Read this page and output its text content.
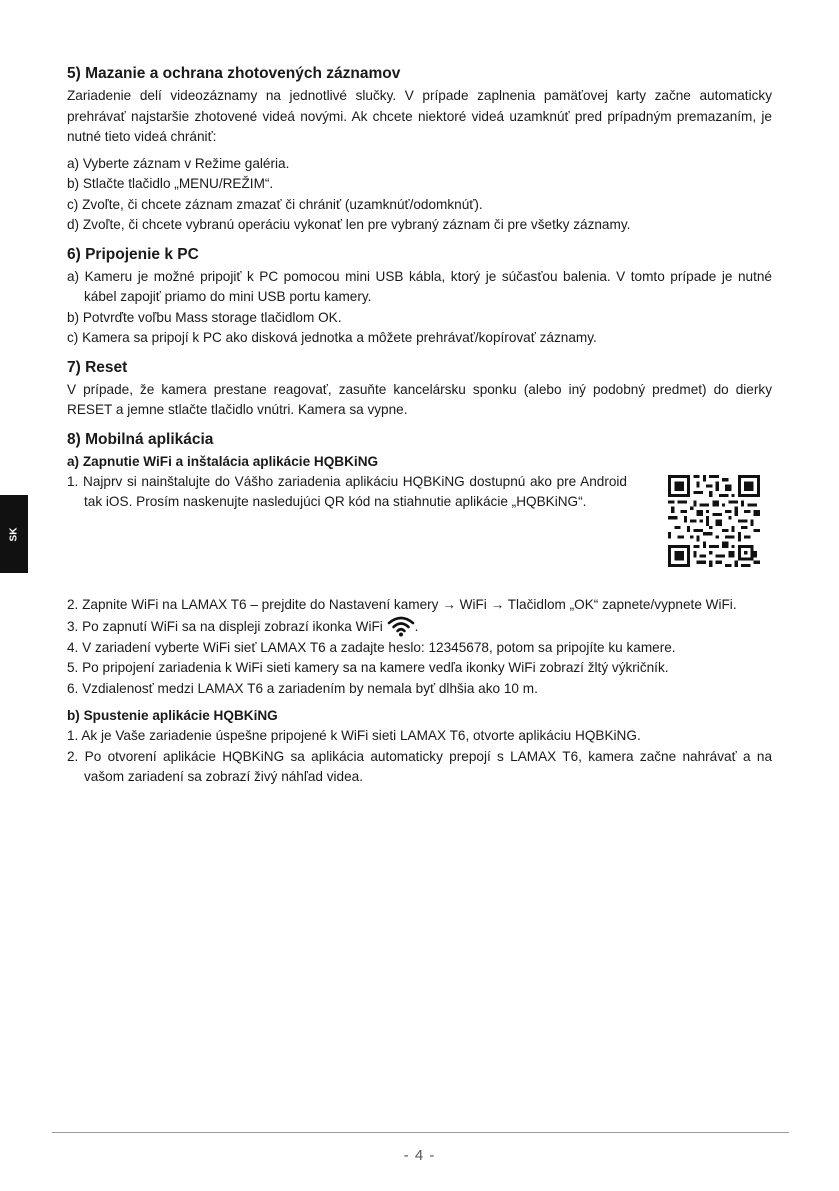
SK
5) Mazanie a ochrana zhotovených záznamov

Zariadenie delí videozáznamy na jednotlivé slučky. V prípade zaplnenia pamäťovej karty začne automaticky prehrávať najstaršie zhotovené videá novými. Ak chcete niektoré videá uzamknúť pred prípadným premazaním, je nutné tieto videá chrániť:

a) Vyberte záznam v Režime galéria.
b) Stlačte tlačidlo „MENU/REŽIM“.
c) Zvoľte, či chcete záznam zmazať či chrániť (uzamknúť/odomknúť).
d) Zvoľte, či chcete vybranú operáciu vykonať len pre vybraný záznam či pre všetky záznamy.
6) Pripojenie k PC
a) Kameru je možné pripojiť k PC pomocou mini USB kábla, ktorý je súčasťou balenia. V tomto prípade je nutné kábel zapojiť priamo do mini USB portu kamery.
b) Potvrďte voľbu Mass storage tlačidlom OK.
c) Kamera sa pripojí k PC ako disková jednotka a môžete prehrávať/kopírovať záznamy.
7) Reset

V prípade, že kamera prestane reagovať, zasuňte kancelársku sponku (alebo iný podobný predmet) do dierky RESET a jemne stlačte tlačidlo vnútri. Kamera sa vypne.

8) Mobilná aplikácia
a) Zapnutie WiFi a inštalácia aplikácie HQBKiNG
1. Najprv si nainštalujte do Vášho zariadenia aplikáciu HQBKiNG dostupnú ako pre Android tak iOS. Prosím naskenujte nasledujúci QR kód na stiahnutie aplikácie „HQBKiNG“.
2. Zapnite WiFi na LAMAX T6 – prejdite do Nastavení kamery → WiFi → Tlačidlom „OK“ zapnete/vypnete WiFi.
3. Po zapnutí WiFi sa na displeji zobrazí ikonka WiFi .
4. V zariadení vyberte WiFi sieť LAMAX T6 a zadajte heslo: 12345678, potom sa pripojíte ku kamere.
5. Po pripojení zariadenia k WiFi sieti kamery sa na kamere vedľa ikonky WiFi zobrazí žltý výkričník.
6. Vzdialenosť medzi LAMAX T6 a zariadením by nemala byť dlhšia ako 10 m.
b) Spustenie aplikácie HQBKiNG
1. Ak je Vaše zariadenie úspešne pripojené k WiFi sieti LAMAX T6, otvorte aplikáciu HQBKiNG.
2. Po otvorení aplikácie HQBKiNG sa aplikácia automaticky prepojí s LAMAX T6, kamera začne nahrávať a na vašom zariadení sa zobrazí živý náhľad videa.
- 4 -
